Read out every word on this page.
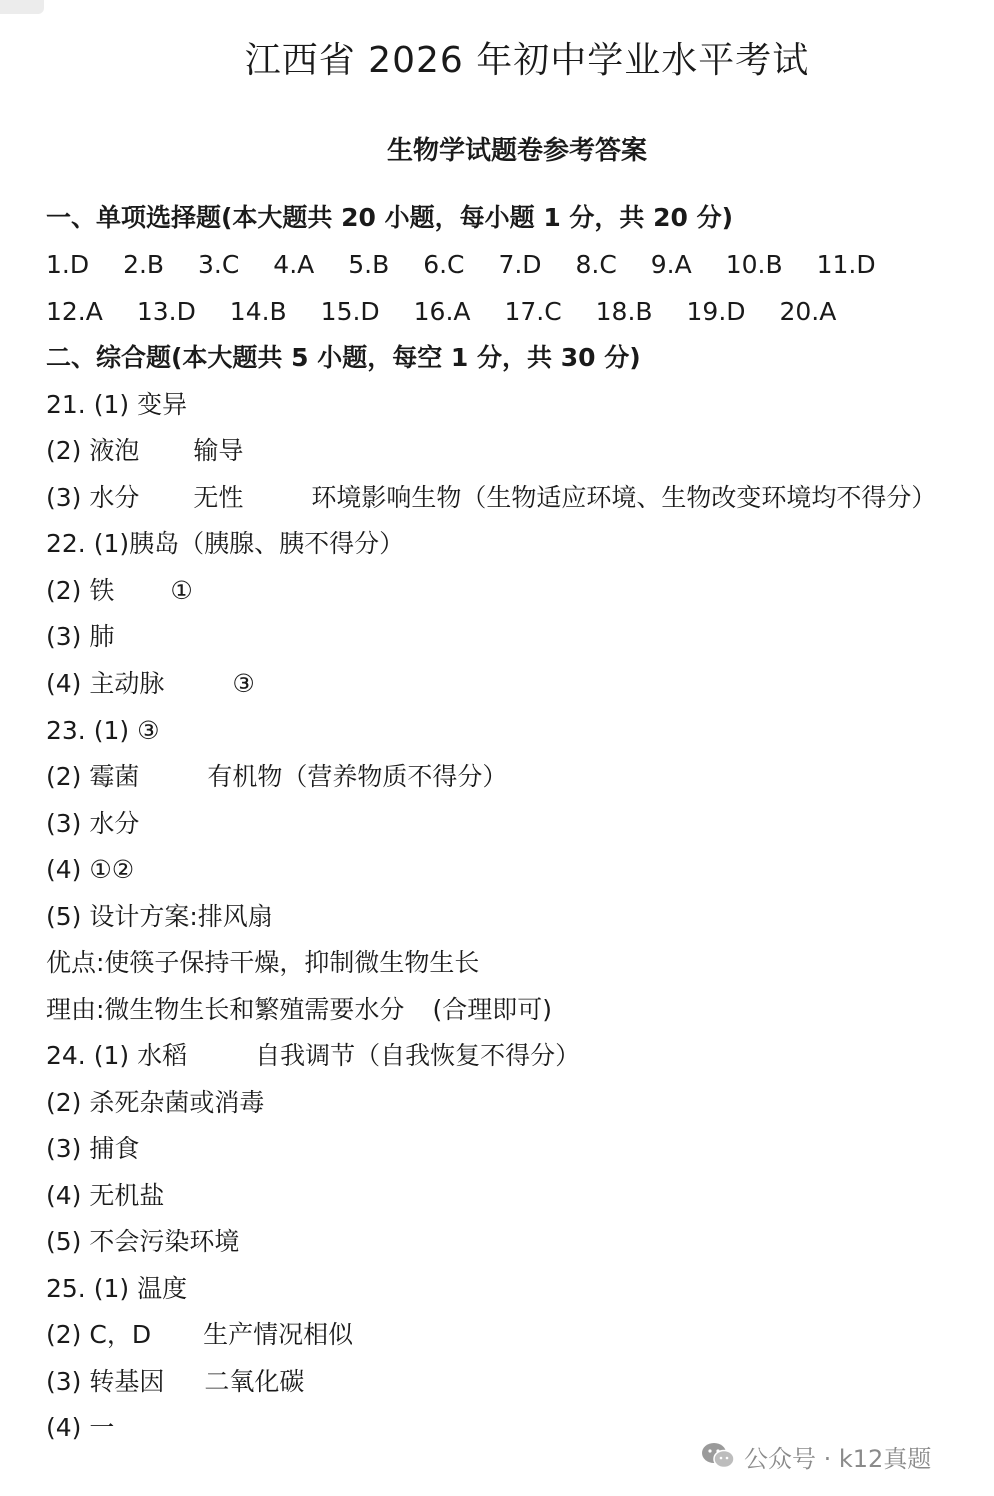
江西省 2026 年初中学业水平考试
生物学试题卷参考答案
一、单项选择题(本大题共 20 小题，每小题 1 分，共 20 分)
1.D 2.B 3.C 4.A 5.B 6.C 7.D 8.C 9.A 10.B 11.D
12.A 13.D 14.B 15.D 16.A 17.C 18.B 19.D 20.A
二、综合题(本大题共 5 小题，每空 1 分，共 30 分)
21. (1) 变异
(2) 液泡 输导
(3) 水分 无性	环境影响生物（生物适应环境、生物改变环境均不得分）
22. (1)胰岛（胰腺、胰不得分）
(2) 铁 ①
(3) 肺
(4) 主动脉	③
23. (1) ③
(2) 霉菌	有机物（营养物质不得分）
(3) 水分
(4) ①②
(5) 设计方案:排风扇
优点:使筷子保持干燥，抑制微生物生长
理由:微生物生长和繁殖需要水分 (合理即可)
24. (1) 水稻	自我调节（自我恢复不得分）
(2) 杀死杂菌或消毒
(3) 捕食
(4) 无机盐
(5) 不会污染环境
25. (1) 温度
(2) C，D 生产情况相似
(3) 转基因 二氧化碳
(4) 一
公众号 · k12真题
